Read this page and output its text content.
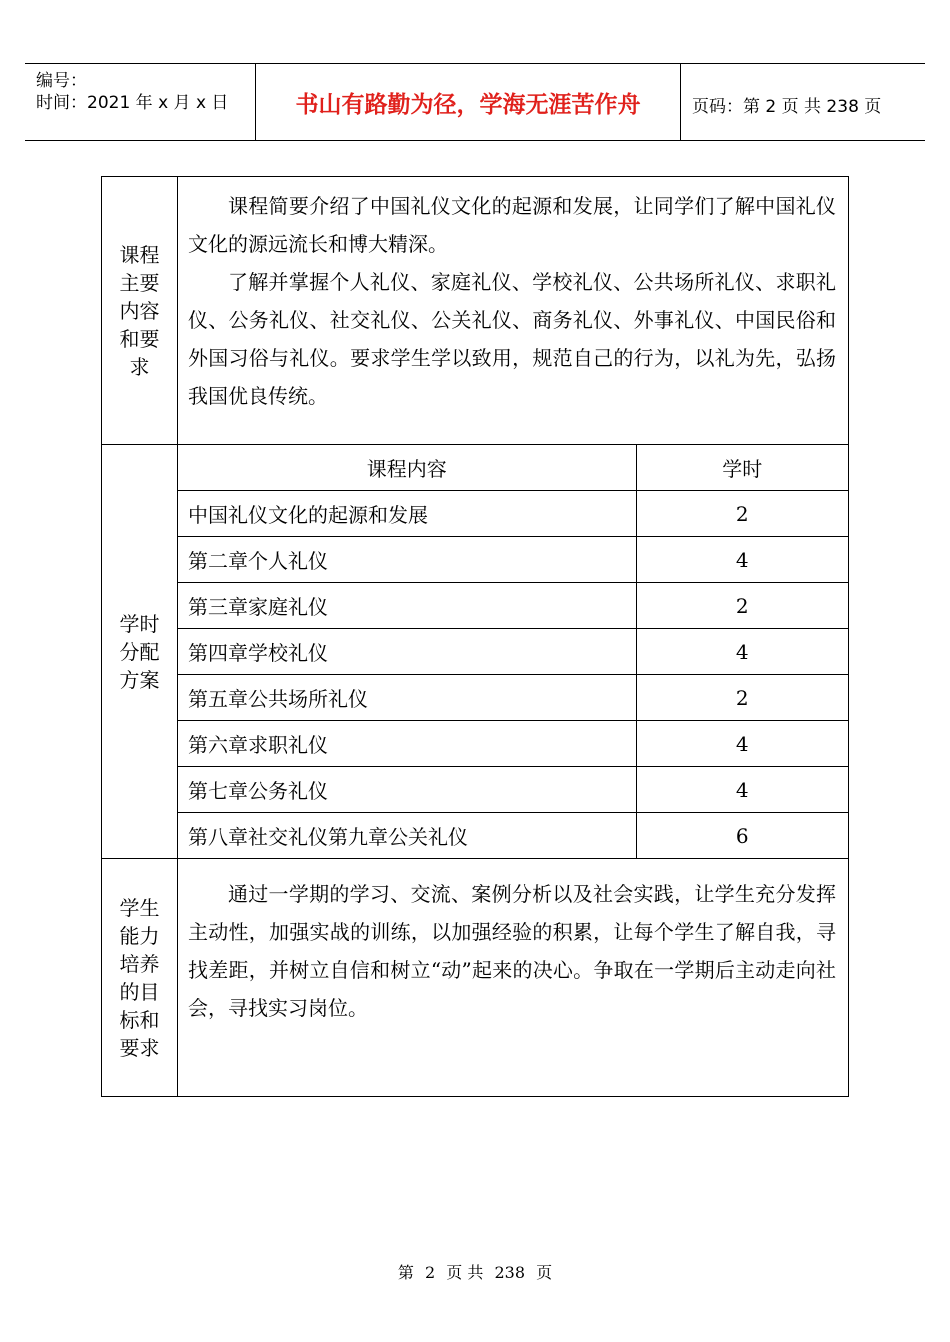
编号：
时间：2021 年 x 月 x 日	书山有路勤为径，学海无涯苦作舟	页码：第 2 页 共 238 页
课程主要内容和要求

课程简要介绍了中国礼仪文化的起源和发展，让同学们了解中国礼仪文化的源远流长和博大精深。

了解并掌握个人礼仪、家庭礼仪、学校礼仪、公共场所礼仪、求职礼仪、公务礼仪、社交礼仪、公关礼仪、商务礼仪、外事礼仪、中国民俗和外国习俗与礼仪。要求学生学以致用，规范自己的行为，以礼为先，弘扬我国优良传统。

学时分配方案

课程内容	学时
中国礼仪文化的起源和发展	2
第二章个人礼仪	4
第三章家庭礼仪	2
第四章学校礼仪	4
第五章公共场所礼仪	2
第六章求职礼仪	4
第七章公务礼仪	4
第八章社交礼仪第九章公关礼仪	6

学生能力培养的目标和要求

通过一学期的学习、交流、案例分析以及社会实践，让学生充分发挥主动性，加强实战的训练，以加强经验的积累，让每个学生了解自我，寻找差距，并树立自信和树立“动”起来的决心。争取在一学期后主动走向社会，寻找实习岗位。

第 2 页 共 238 页
